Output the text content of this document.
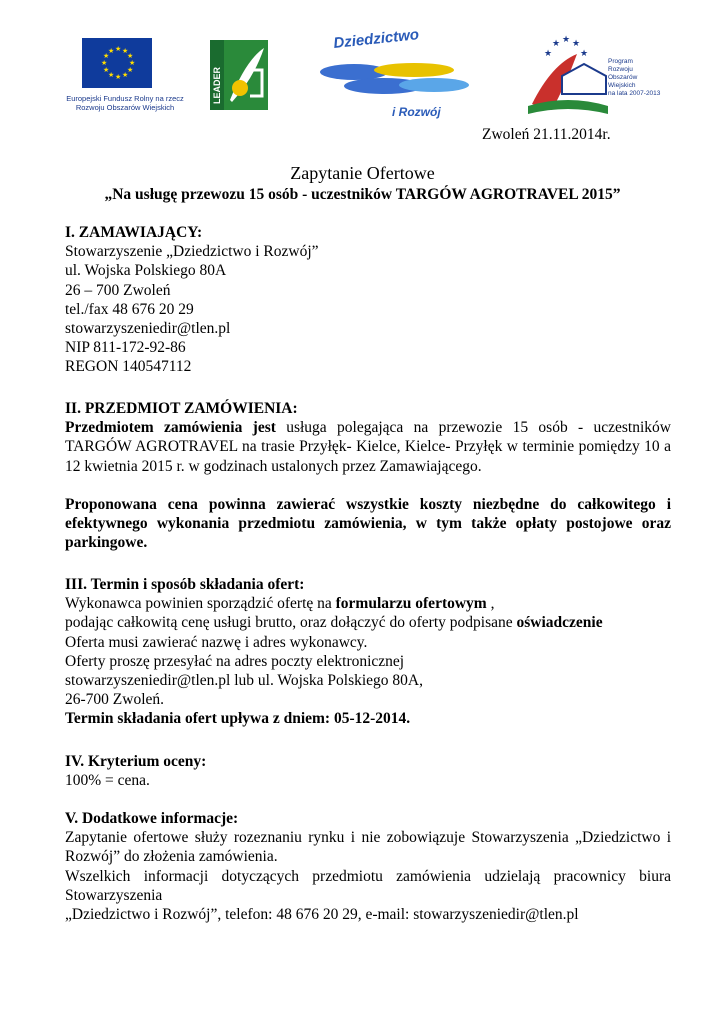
★ ★
★
★
★
★
★
★
★
★
★
★
Europejski Fundusz Rolny na rzecz
Rozwoju Obszarów Wiejskich
LEADER
Dziedzictwo
i Rozwój
★ ★ ★
★	★
Program
Rozwoju
Obszarów
Wiejskich
na lata 2007-2013
Zwoleń 21.11.2014r.
Zapytanie Ofertowe
„Na usługę przewozu 15 osób - uczestników TARGÓW AGROTRAVEL 2015”

I. ZAMAWIAJĄCY:

Stowarzyszenie „Dziedzictwo i Rozwój”

ul. Wojska Polskiego 80A

26 – 700 Zwoleń

tel./fax 48 676 20 29

stowarzyszeniedir@tlen.pl

NIP 811-172-92-86

REGON 140547112

II. PRZEDMIOT ZAMÓWIENIA:

Przedmiotem zamówienia jest usługa polegająca na przewozie 15 osób - uczestników TARGÓW AGROTRAVEL na trasie Przyłęk- Kielce, Kielce- Przyłęk w terminie pomiędzy 10 a 12 kwietnia 2015 r. w godzinach ustalonych przez Zamawiającego.

Proponowana cena powinna zawierać wszystkie koszty niezbędne do całkowitego i efektywnego wykonania przedmiotu zamówienia, w tym także opłaty postojowe oraz parkingowe.

III. Termin i sposób składania ofert:

Wykonawca powinien sporządzić ofertę na formularzu ofertowym ,

podając całkowitą cenę usługi brutto, oraz dołączyć do oferty podpisane oświadczenie

Oferta musi zawierać nazwę i adres wykonawcy.

Oferty proszę przesyłać na adres poczty elektronicznej

stowarzyszeniedir@tlen.pl lub ul. Wojska Polskiego 80A,

26-700 Zwoleń.

Termin składania ofert upływa z dniem: 05-12-2014.

IV. Kryterium oceny:

100% = cena.

V. Dodatkowe informacje:

Zapytanie ofertowe służy rozeznaniu rynku i nie zobowiązuje Stowarzyszenia „Dziedzictwo i Rozwój” do złożenia zamówienia.

Wszelkich informacji dotyczących przedmiotu zamówienia udzielają pracownicy biura Stowarzyszenia

„Dziedzictwo i Rozwój”, telefon: 48 676 20 29, e-mail: stowarzyszeniedir@tlen.pl
